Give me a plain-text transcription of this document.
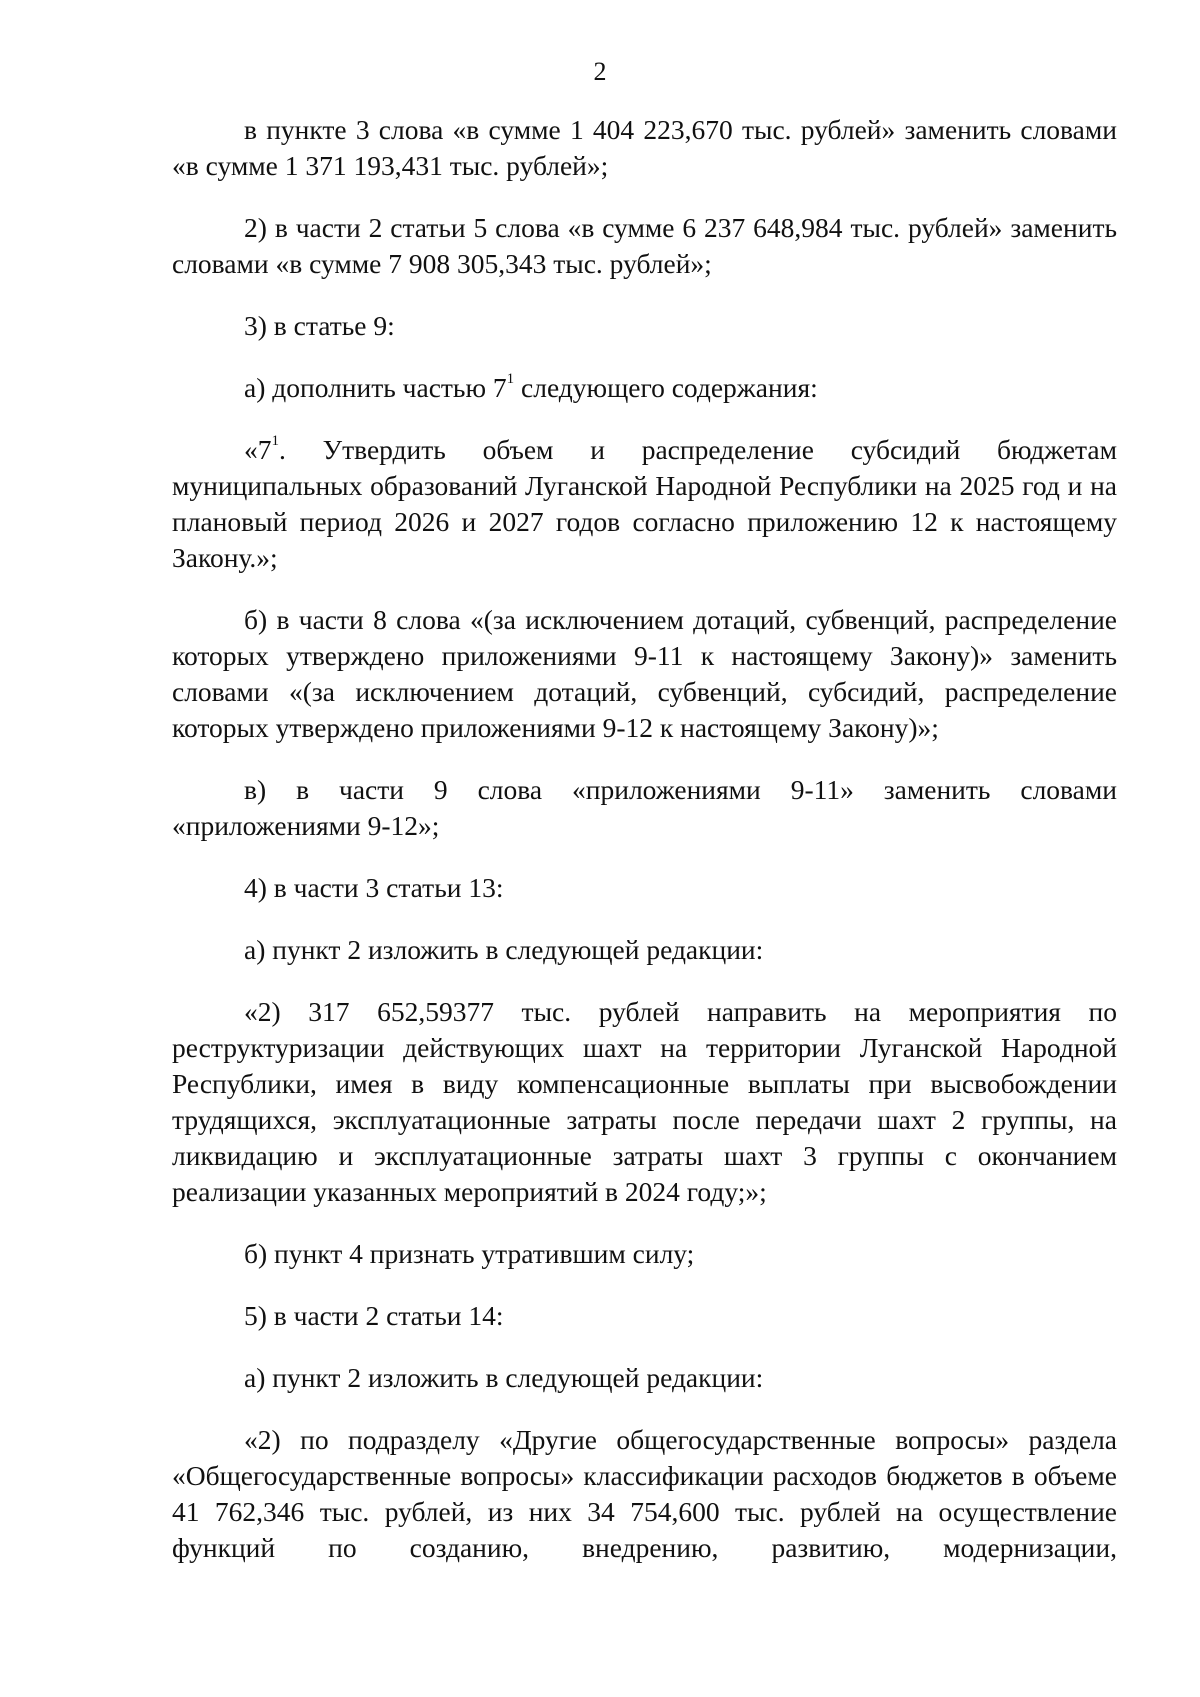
2

в пункте 3 слова «в сумме 1 404 223,670 тыс. рублей» заменить словами «в сумме 1 371 193,431 тыс. рублей»;

2) в части 2 статьи 5 слова «в сумме 6 237 648,984 тыс. рублей» заменить словами «в сумме 7 908 305,343 тыс. рублей»;

3) в статье 9:

а) дополнить частью $7^1$ следующего содержания:

«$7^1$. Утвердить объем и распределение субсидий бюджетам муниципальных образований Луганской Народной Республики на 2025 год и на плановый период 2026 и 2027 годов согласно приложению 12 к настоящему Закону.»;

б) в части 8 слова «(за исключением дотаций, субвенций, распределение которых утверждено приложениями 9-11 к настоящему Закону)» заменить словами «(за исключением дотаций, субвенций, субсидий, распределение которых утверждено приложениями 9-12 к настоящему Закону)»;

в) в части 9 слова «приложениями 9-11» заменить словами «приложениями 9-12»;

4) в части 3 статьи 13:

а) пункт 2 изложить в следующей редакции:

«2) 317 652,59377 тыс. рублей направить на мероприятия по реструктуризации действующих шахт на территории Луганской Народной Республики, имея в виду компенсационные выплаты при высвобождении трудящихся, эксплуатационные затраты после передачи шахт 2 группы, на ликвидацию и эксплуатационные затраты шахт 3 группы с окончанием реализации указанных мероприятий в 2024 году;»;

б) пункт 4 признать утратившим силу;

5) в части 2 статьи 14:

а) пункт 2 изложить в следующей редакции:

«2) по подразделу «Другие общегосударственные вопросы» раздела «Общегосударственные вопросы» классификации расходов бюджетов в объеме 41 762,346 тыс. рублей, из них 34 754,600 тыс. рублей на осуществление функций по созданию, внедрению, развитию, модернизации,
